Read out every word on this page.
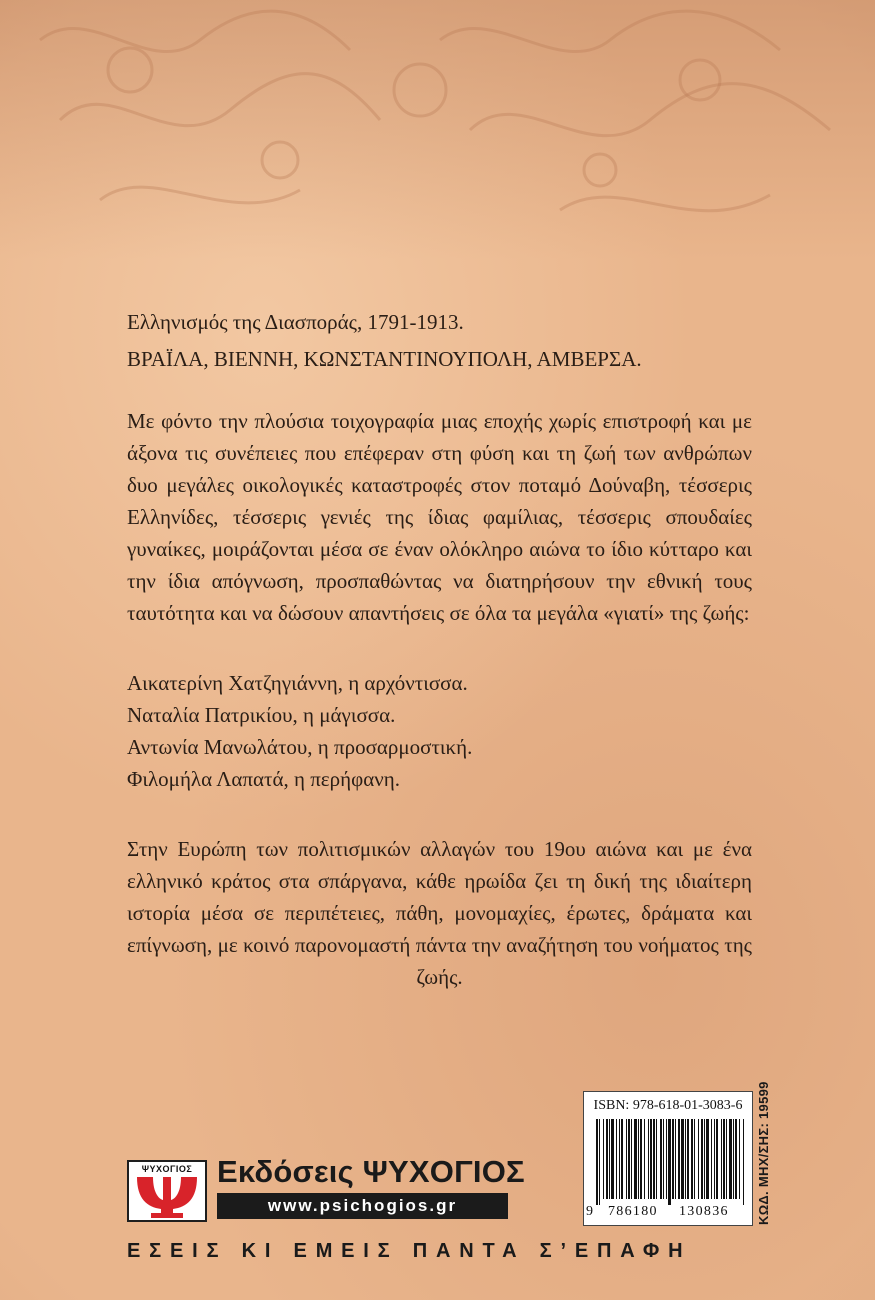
Ελληνισμός της Διασποράς, 1791-1913.
ΒΡΑΪΛΑ, ΒΙΕΝΝΗ, ΚΩΝΣΤΑΝΤΙΝΟΥΠΟΛΗ, ΑΜΒΕΡΣΑ.

Με φόντο την πλούσια τοιχογραφία μιας εποχής χωρίς επιστροφή και με άξονα τις συνέπειες που επέφεραν στη φύση και τη ζωή των ανθρώπων δυο μεγάλες οικολογικές καταστροφές στον ποταμό Δούναβη, τέσσερις Ελληνίδες, τέσσερις γενιές της ίδιας φαμίλιας, τέσσερις σπουδαίες γυναίκες, μοιράζονται μέσα σε έναν ολόκληρο αιώνα το ίδιο κύτταρο και την ίδια απόγνωση, προσπαθώντας να διατηρήσουν την εθνική τους ταυτότητα και να δώσουν απαντήσεις σε όλα τα μεγάλα «γιατί» της ζωής:

Αικατερίνη Χατζηγιάννη, η αρχόντισσα.
Ναταλία Πατρικίου, η μάγισσα.
Αντωνία Μανωλάτου, η προσαρμοστική.
Φιλομήλα Λαπατά, η περήφανη.

Στην Ευρώπη των πολιτισμικών αλλαγών του 19ου αιώνα και με ένα ελληνικό κράτος στα σπάργανα, κάθε ηρωίδα ζει τη δική της ιδιαίτερη ιστορία μέσα σε περιπέτειες, πάθη, μονομαχίες, έρωτες, δράματα και επίγνωση, με κοινό παρονομαστή πάντα την αναζήτηση του νοήματος της ζωής.

ΨΥΧΟΓΙΟΣ Εκδόσεις ΨΥΧΟΓΙΟΣ
www.psichogios.gr
ΕΣΕΙΣ ΚΙ ΕΜΕΙΣ ΠΑΝΤΑ Σ’ΕΠΑΦΗ
ISBN: 978-618-01-3083-6
9 786180 130836 ΚΩΔ. ΜΗΧ/ΣΗΣ: 19599
